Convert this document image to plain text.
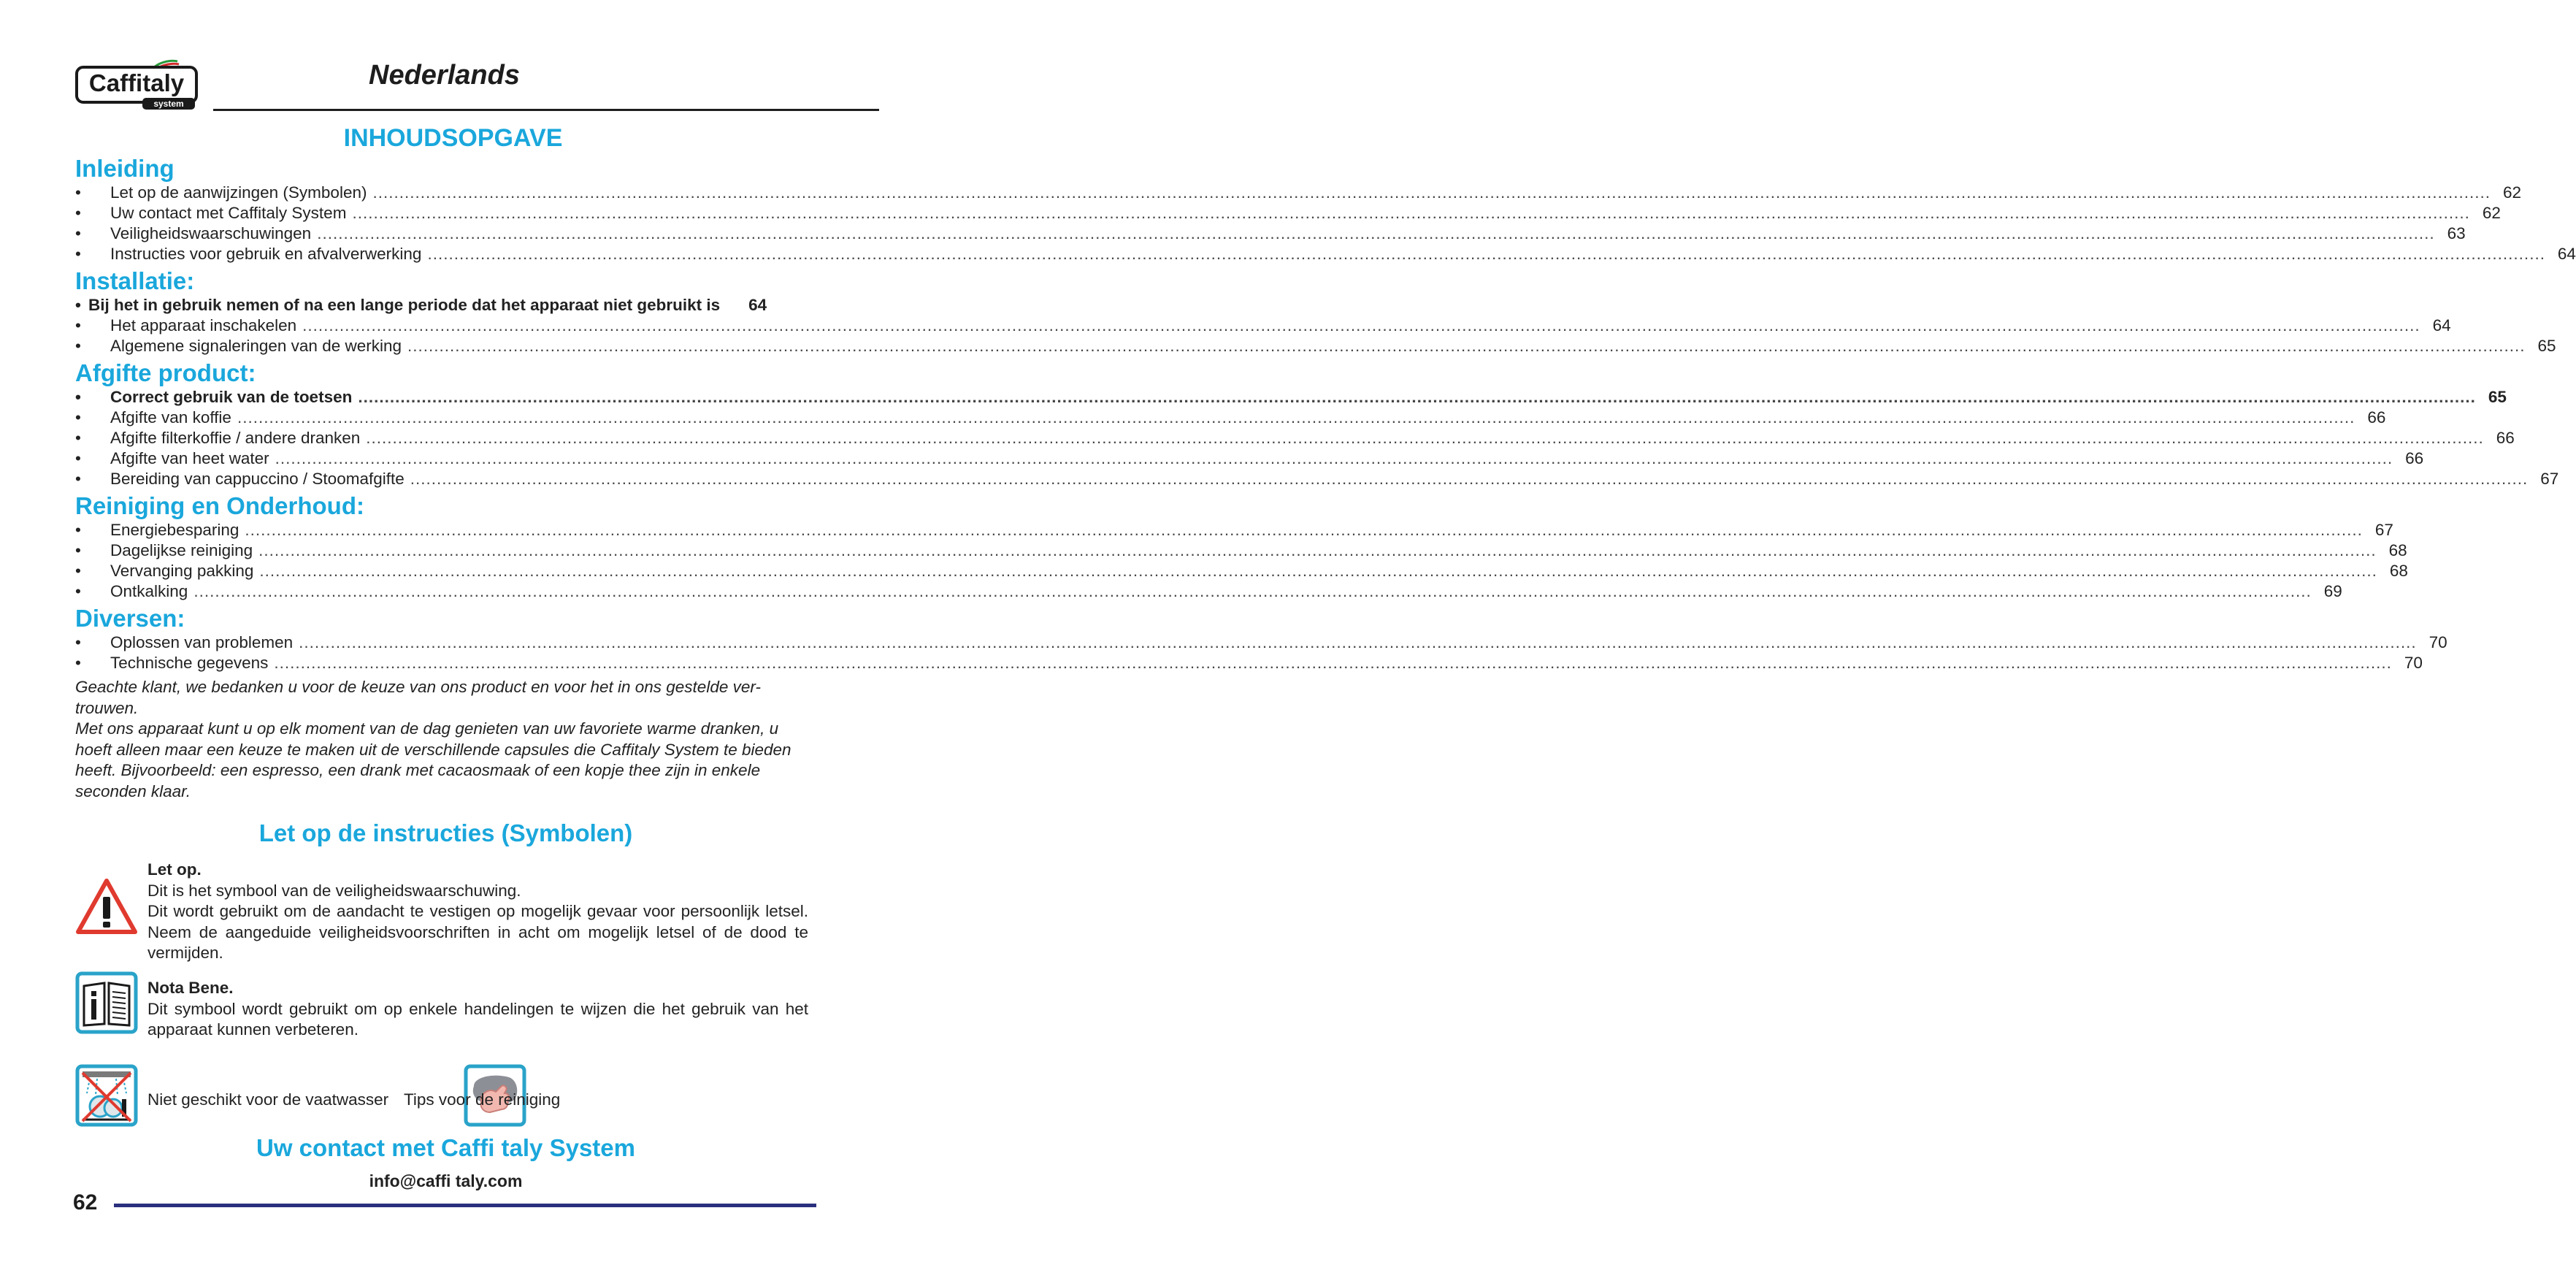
Caffitaly
system
Nederlands
INHOUDSOPGAVE
Inleiding
•	Let op de aanwijzingen (Symbolen) ................................................................................................................................................................................................................................................................................................................................................................................................................ 62
•	Uw contact met Caffitaly System ................................................................................................................................................................................................................................................................................................................................................................................................................ 62
•	Veiligheidswaarschuwingen ................................................................................................................................................................................................................................................................................................................................................................................................................ 63
•	Instructies voor gebruik en afvalverwerking ................................................................................................................................................................................................................................................................................................................................................................................................................ 64
Installatie:
• Bij het in gebruik nemen of na een lange periode dat het apparaat niet gebruikt is	64
•	Het apparaat inschakelen ................................................................................................................................................................................................................................................................................................................................................................................................................ 64
•	Algemene signaleringen van de werking ................................................................................................................................................................................................................................................................................................................................................................................................................ 65
Afgifte product:
•	Correct gebruik van de toetsen ................................................................................................................................................................................................................................................................................................................................................................................................................ 65
•	Afgifte van koffie ................................................................................................................................................................................................................................................................................................................................................................................................................ 66
•	Afgifte filterkoffie / andere dranken ................................................................................................................................................................................................................................................................................................................................................................................................................ 66
•	Afgifte van heet water ................................................................................................................................................................................................................................................................................................................................................................................................................ 66
•	Bereiding van cappuccino / Stoomafgifte ................................................................................................................................................................................................................................................................................................................................................................................................................ 67
Reiniging en Onderhoud:
•	Energiebesparing ................................................................................................................................................................................................................................................................................................................................................................................................................ 67
•	Dagelijkse reiniging ................................................................................................................................................................................................................................................................................................................................................................................................................ 68
•	Vervanging pakking ................................................................................................................................................................................................................................................................................................................................................................................................................ 68
•	Ontkalking ................................................................................................................................................................................................................................................................................................................................................................................................................ 69
Diversen:
•	Oplossen van problemen ................................................................................................................................................................................................................................................................................................................................................................................................................ 70
•	Technische gegevens ................................................................................................................................................................................................................................................................................................................................................................................................................ 70

Geachte klant, we bedanken u voor de keuze van ons product en voor het in ons gestelde ver-trouwen.

Met ons apparaat kunt u op elk moment van de dag genieten van uw favoriete warme dranken, u hoeft alleen maar een keuze te maken uit de verschillende capsules die Caffitaly System te bieden heeft. Bijvoorbeeld: een espresso, een drank met cacaosmaak of een kopje thee zijn in enkele seconden klaar.

Let op de instructies (Symbolen)
Let op.
Dit is het symbool van de veiligheidswaarschuwing.
Dit wordt gebruikt om de aandacht te vestigen op mogelijk gevaar voor persoonlijk letsel. Neem de aangeduide veiligheidsvoorschriften in acht om mogelijk letsel of de dood te vermijden.
Nota Bene.
Dit symbool wordt gebruikt om op enkele handelingen te wijzen die het gebruik van het apparaat kunnen verbeteren.
Niet geschikt voor de vaatwasser Tips voor de reiniging
Uw contact met Caffi taly System
info@caffi taly.com
62
